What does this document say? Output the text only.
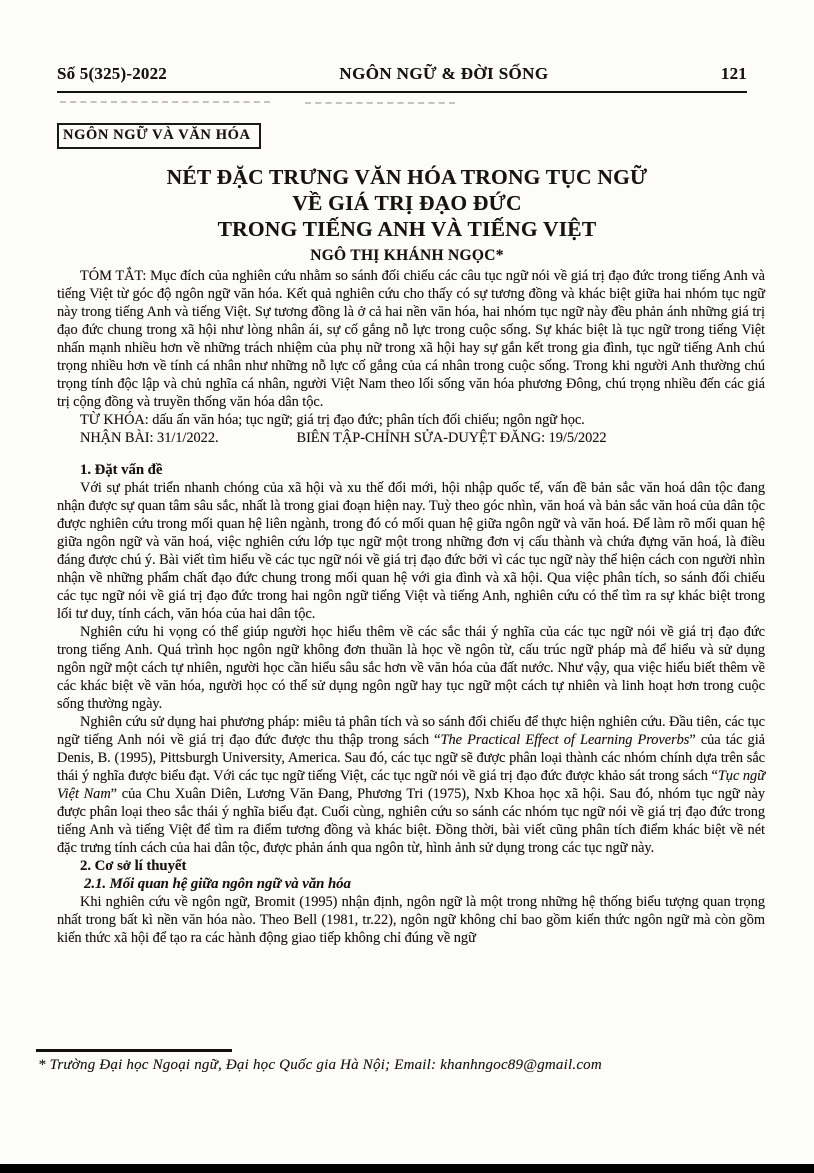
Số 5(325)-2022	NGÔN NGỮ & ĐỜI SỐNG	121
NGÔN NGỮ VÀ VĂN HÓA
NÉT ĐẶC TRƯNG VĂN HÓA TRONG TỤC NGỮ
VỀ GIÁ TRỊ ĐẠO ĐỨC
TRONG TIẾNG ANH VÀ TIẾNG VIỆT
NGÔ THỊ KHÁNH NGỌC*

TÓM TẮT: Mục đích của nghiên cứu nhằm so sánh đối chiếu các câu tục ngữ nói về giá trị đạo đức trong tiếng Anh và tiếng Việt từ góc độ ngôn ngữ văn hóa. Kết quả nghiên cứu cho thấy có sự tương đồng và khác biệt giữa hai nhóm tục ngữ này trong tiếng Anh và tiếng Việt. Sự tương đồng là ở cả hai nền văn hóa, hai nhóm tục ngữ này đều phản ánh những giá trị đạo đức chung trong xã hội như lòng nhân ái, sự cố gắng nỗ lực trong cuộc sống. Sự khác biệt là tục ngữ trong tiếng Việt nhấn mạnh nhiều hơn về những trách nhiệm của phụ nữ trong xã hội hay sự gắn kết trong gia đình, tục ngữ tiếng Anh chú trọng nhiều hơn về tính cá nhân như những nỗ lực cố gắng của cá nhân trong cuộc sống. Trong khi người Anh thường chú trọng tính độc lập và chủ nghĩa cá nhân, người Việt Nam theo lối sống văn hóa phương Đông, chú trọng nhiều đến các giá trị cộng đồng và truyền thống văn hóa dân tộc.

TỪ KHÓA: dấu ấn văn hóa; tục ngữ; giá trị đạo đức; phân tích đối chiếu; ngôn ngữ học.

NHẬN BÀI: 31/1/2022.	BIÊN TẬP-CHỈNH SỬA-DUYỆT ĐĂNG: 19/5/2022
1. Đặt vấn đề

Với sự phát triển nhanh chóng của xã hội và xu thế đổi mới, hội nhập quốc tế, vấn đề bản sắc văn hoá dân tộc đang nhận được sự quan tâm sâu sắc, nhất là trong giai đoạn hiện nay. Tuỳ theo góc nhìn, văn hoá và bản sắc văn hoá của dân tộc được nghiên cứu trong mối quan hệ liên ngành, trong đó có mối quan hệ giữa ngôn ngữ và văn hoá. Để làm rõ mối quan hệ giữa ngôn ngữ và văn hoá, việc nghiên cứu lớp tục ngữ một trong những đơn vị cấu thành và chứa đựng văn hoá, là điều đáng được chú ý. Bài viết tìm hiểu về các tục ngữ nói về giá trị đạo đức bởi vì các tục ngữ này thể hiện cách con người nhìn nhận về những phẩm chất đạo đức chung trong mối quan hệ với gia đình và xã hội. Qua việc phân tích, so sánh đối chiếu các tục ngữ nói về giá trị đạo đức trong hai ngôn ngữ tiếng Việt và tiếng Anh, nghiên cứu có thể tìm ra sự khác biệt trong lối tư duy, tính cách, văn hóa của hai dân tộc.

Nghiên cứu hi vọng có thể giúp người học hiểu thêm về các sắc thái ý nghĩa của các tục ngữ nói về giá trị đạo đức trong tiếng Anh. Quá trình học ngôn ngữ không đơn thuần là học về ngôn từ, cấu trúc ngữ pháp mà để hiểu và sử dụng ngôn ngữ một cách tự nhiên, người học cần hiểu sâu sắc hơn về văn hóa của đất nước. Như vậy, qua việc hiểu biết thêm về các khác biệt về văn hóa, người học có thể sử dụng ngôn ngữ hay tục ngữ một cách tự nhiên và linh hoạt hơn trong cuộc sống thường ngày.

Nghiên cứu sử dụng hai phương pháp: miêu tả phân tích và so sánh đối chiếu để thực hiện nghiên cứu. Đầu tiên, các tục ngữ tiếng Anh nói về giá trị đạo đức được thu thập trong sách “The Practical Effect of Learning Proverbs” của tác giả Denis, B. (1995), Pittsburgh University, America. Sau đó, các tục ngữ sẽ được phân loại thành các nhóm chính dựa trên sắc thái ý nghĩa được biểu đạt. Với các tục ngữ tiếng Việt, các tục ngữ nói về giá trị đạo đức được khảo sát trong sách “Tục ngữ Việt Nam” của Chu Xuân Diên, Lương Văn Đang, Phương Tri (1975), Nxb Khoa học xã hội. Sau đó, nhóm tục ngữ này được phân loại theo sắc thái ý nghĩa biểu đạt. Cuối cùng, nghiên cứu so sánh các nhóm tục ngữ nói về giá trị đạo đức trong tiếng Anh và tiếng Việt để tìm ra điểm tương đồng và khác biệt. Đồng thời, bài viết cũng phân tích điểm khác biệt về nét đặc trưng tính cách của hai dân tộc, được phản ánh qua ngôn từ, hình ảnh sử dụng trong các tục ngữ này.

2. Cơ sở lí thuyết
2.1. Mối quan hệ giữa ngôn ngữ và văn hóa

Khi nghiên cứu về ngôn ngữ, Bromit (1995) nhận định, ngôn ngữ là một trong những hệ thống biểu tượng quan trọng nhất trong bất kì nền văn hóa nào. Theo Bell (1981, tr.22), ngôn ngữ không chỉ bao gồm kiến thức ngôn ngữ mà còn gồm kiến thức xã hội để tạo ra các hành động giao tiếp không chỉ đúng về ngữ

* Trường Đại học Ngoại ngữ, Đại học Quốc gia Hà Nội; Email: khanhngoc89@gmail.com
